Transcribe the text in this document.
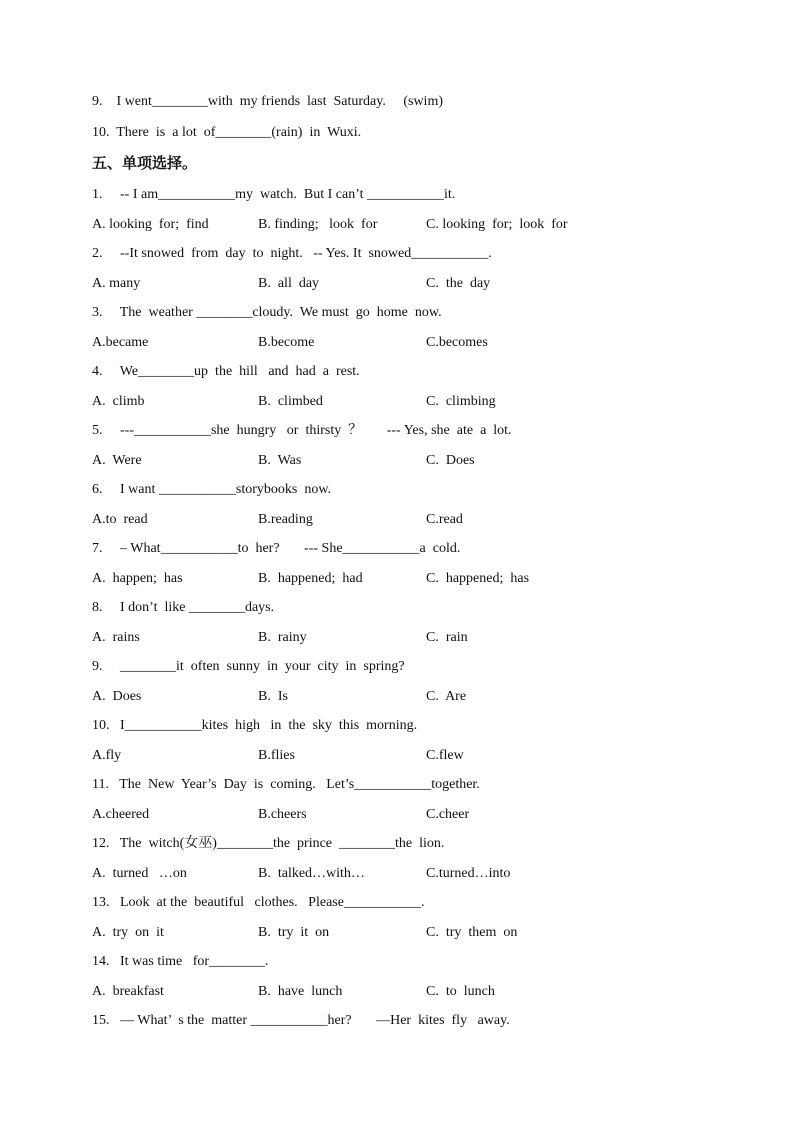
9.    I went________with  my friends  last  Saturday.     (swim)
10.  There  is  a lot  of________(rain)  in  Wuxi.
五、单项选择。
1.     -- I am___________my  watch.  But I can’t ___________it.
A. looking  for;  find	B. finding;   look  for	C. looking  for;  look  for
2.     --It snowed  from  day  to  night.   -- Yes. It  snowed___________.
A. many	B.  all  day	C.  the  day
3.     The  weather ________cloudy.  We must  go  home  now.
A.became	B.become	C.becomes
4.     We________up  the  hill   and  had  a  rest.
A.  climb	B.  climbed	C.  climbing
5.     ---___________she  hungry   or  thirsty  ？       --- Yes, she  ate  a  lot.
A.  Were	B.  Was	C.  Does
6.     I want ___________storybooks  now.
A.to  read	B.reading	C.read
7.     – What___________to  her?       --- She___________a  cold.
A.  happen;  has	B.  happened;  had	C.  happened;  has
8.     I don’t  like ________days.
A.  rains	B.  rainy	C.  rain
9.     ________it  often  sunny  in  your  city  in  spring?
A.  Does	B.  Is	C.  Are
10.   I___________kites  high   in  the  sky  this  morning.
A.fly	B.flies	C.flew
11.   The  New  Year’s  Day  is  coming.   Let’s___________together.
A.cheered	B.cheers	C.cheer
12.   The  witch(女巫)________the  prince  ________the  lion.
A.  turned   …on	B.  talked…with…	C.turned…into
13.   Look  at the  beautiful   clothes.   Please___________.
A.  try  on  it	B.  try  it  on	C.  try  them  on
14.   It was time   for________.
A.  breakfast	B.  have  lunch	C.  to  lunch
15.   — What’  s the  matter ___________her?       —Her  kites  fly   away.
